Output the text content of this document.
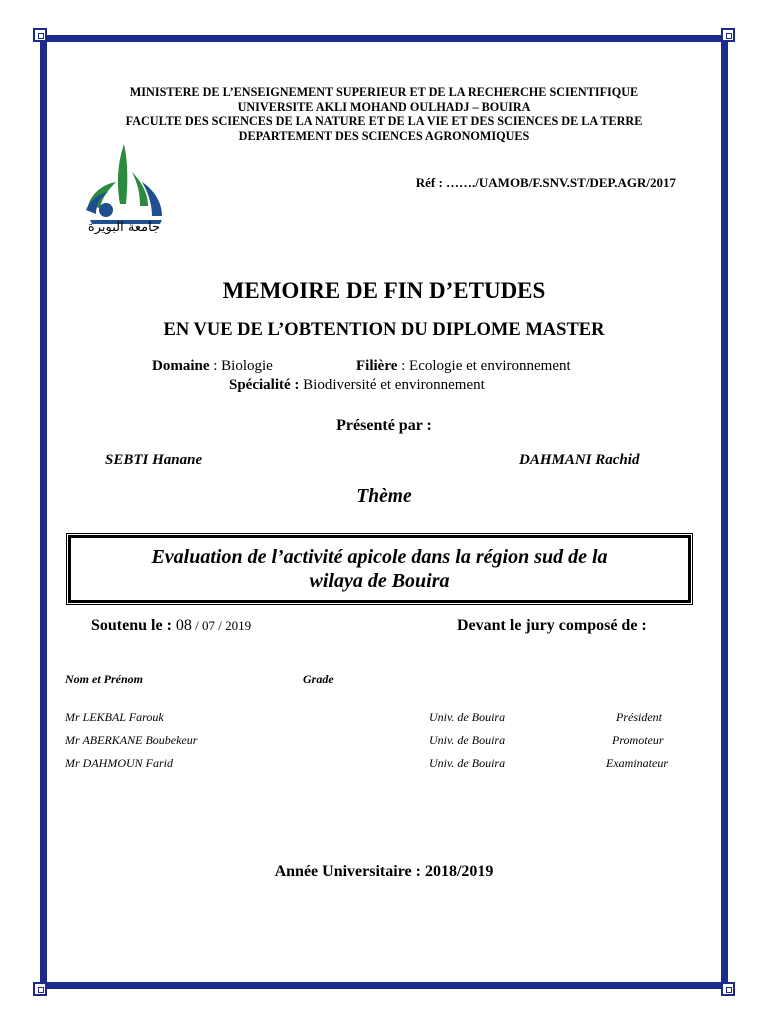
MINISTERE DE L’ENSEIGNEMENT SUPERIEUR ET DE LA RECHERCHE SCIENTIFIQUE
UNIVERSITE AKLI MOHAND OULHADJ – BOUIRA
FACULTE DES SCIENCES DE LA NATURE ET DE LA VIE ET DES SCIENCES DE LA TERRE
DEPARTEMENT DES SCIENCES AGRONOMIQUES
جامعة البويرة
Réf : ……./UAMOB/F.SNV.ST/DEP.AGR/2017
MEMOIRE DE FIN D’ETUDES
EN VUE DE L’OBTENTION DU DIPLOME MASTER
Domaine : Biologie	Filière : Ecologie et environnement
Spécialité : Biodiversité et environnement
Présenté par :
SEBTI Hanane	DAHMANI Rachid
Thème
Evaluation de l’activité apicole dans la région sud de la
wilaya de Bouira
Soutenu le : 08 / 07 / 2019	Devant le jury composé de :
Nom et Prénom	Grade
Mr LEKBAL Farouk	Univ. de Bouira	Président
Mr ABERKANE Boubekeur	Univ. de Bouira	Promoteur
Mr DAHMOUN Farid	Univ. de Bouira	Examinateur
Année Universitaire : 2018/2019
